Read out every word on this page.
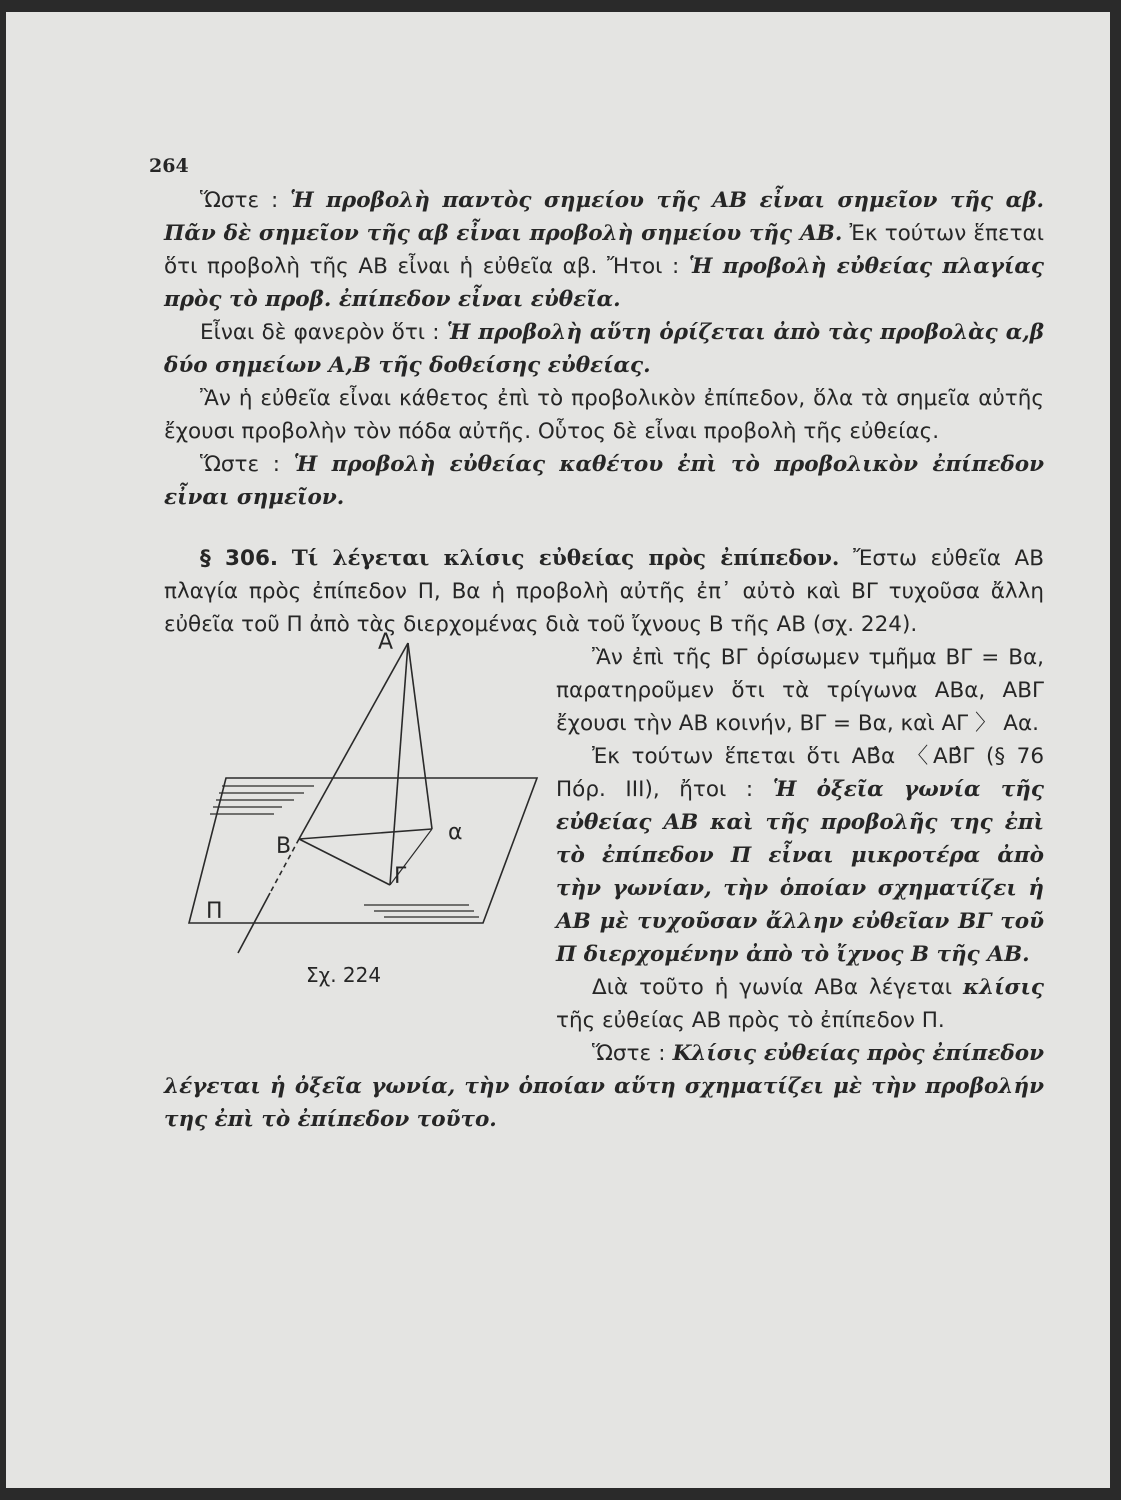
264

Ὥστε : Ἡ προβολὴ παντὸς σημείου τῆς ΑΒ εἶναι σημεῖον τῆς αβ. Πᾶν δὲ σημεῖον τῆς αβ εἶναι προβολὴ σημείου τῆς ΑΒ. Ἐκ τούτων ἕπεται ὅτι προβολὴ τῆς ΑΒ εἶναι ἡ εὐθεῖα αβ. Ἤτοι : Ἡ προβολὴ εὐθείας πλαγίας πρὸς τὸ προβ. ἐπίπεδον εἶναι εὐθεῖα.

Εἶναι δὲ φανερὸν ὅτι : Ἡ προβολὴ αὕτη ὁρίζεται ἀπὸ τὰς προβολὰς α,β δύο σημείων Α,Β τῆς δοθείσης εὐθείας.

Ἂν ἡ εὐθεῖα εἶναι κάθετος ἐπὶ τὸ προβολικὸν ἐπίπεδον, ὅλα τὰ σημεῖα αὐτῆς ἔχουσι προβολὴν τὸν πόδα αὐτῆς. Οὗτος δὲ εἶναι προβολὴ τῆς εὐθείας.

Ὥστε : Ἡ προβολὴ εὐθείας καθέτου ἐπὶ τὸ προβολικὸν ἐπίπεδον εἶναι σημεῖον.

§ 306. Τί λέγεται κλίσις εὐθείας πρὸς ἐπίπεδον. Ἔστω εὐθεῖα ΑΒ πλαγία πρὸς ἐπίπεδον Π, Βα ἡ προβολὴ αὐτῆς ἐπ᾽ αὐτὸ καὶ ΒΓ τυχοῦσα ἄλλη εὐθεῖα τοῦ Π ἀπὸ τὰς διερχομένας διὰ τοῦ ἴχνους Β τῆς ΑΒ (σχ. 224).

Α
Β
α
Γ
Π
Σχ. 224

Ἂν ἐπὶ τῆς ΒΓ ὁρίσωμεν τμῆμα ΒΓ = Βα, παρατηροῦμεν ὅτι τὰ τρίγωνα ΑΒα, ΑΒΓ ἔχουσι τὴν ΑΒ κοινήν, ΒΓ = Βα, καὶ ΑΓ 〉 Αα.

Ἐκ τούτων ἕπεται ὅτι ΑΒ̂α 〈ΑΒ̂Γ (§ 76 Πόρ. ΙΙΙ), ἤτοι : Ἡ ὀξεῖα γωνία τῆς εὐθείας ΑΒ καὶ τῆς προβολῆς της ἐπὶ τὸ ἐπίπεδον Π εἶναι μικροτέρα ἀπὸ τὴν γωνίαν, τὴν ὁποίαν σχηματίζει ἡ ΑΒ μὲ τυχοῦσαν ἄλλην εὐθεῖαν ΒΓ τοῦ Π διερχομένην ἀπὸ τὸ ἴχνος Β τῆς ΑΒ.

Διὰ τοῦτο ἡ γωνία ΑΒα λέγεται κλίσις τῆς εὐθείας ΑΒ πρὸς τὸ ἐπίπεδον Π.

Ὥστε : Κλίσις εὐθείας πρὸς ἐπίπεδον λέγεται ἡ ὀξεῖα γωνία, τὴν ὁποίαν αὕτη σχηματίζει μὲ τὴν προβολήν της ἐπὶ τὸ ἐπίπεδον τοῦτο.
